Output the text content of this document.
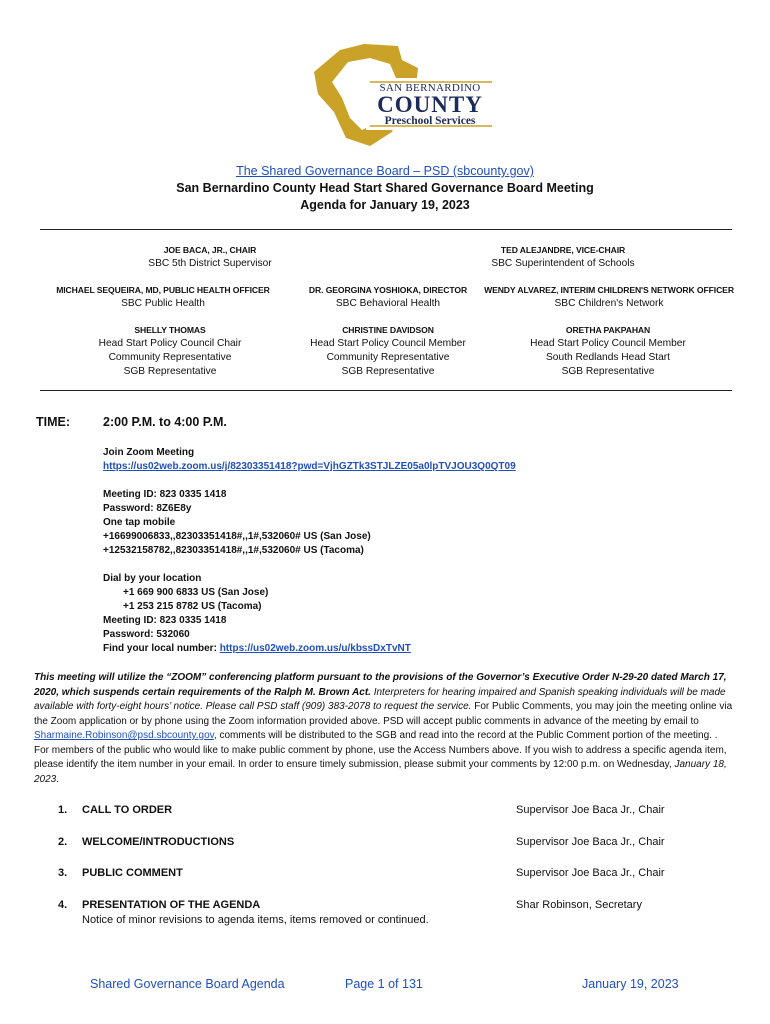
SAN BERNARDINO
COUNTY
Preschool Services
The Shared Governance Board – PSD (sbcounty.gov)
San Bernardino County Head Start Shared Governance Board Meeting
Agenda for January 19, 2023
JOE BACA, JR., CHAIR
SBC 5th District Supervisor
TED ALEJANDRE, VICE-CHAIR
SBC Superintendent of Schools
MICHAEL SEQUEIRA, MD, PUBLIC HEALTH OFFICER
SBC Public Health
DR. GEORGINA YOSHIOKA, DIRECTOR
SBC Behavioral Health
WENDY ALVAREZ, INTERIM CHILDREN'S NETWORK OFFICER
SBC Children's Network
SHELLY THOMAS
Head Start Policy Council Chair
Community Representative
SGB Representative
CHRISTINE DAVIDSON
Head Start Policy Council Member
Community Representative
SGB Representative
ORETHA PAKPAHAN
Head Start Policy Council Member
South Redlands Head Start
SGB Representative
TIME:	2:00 P.M. to 4:00 P.M.
Join Zoom Meeting
https://us02web.zoom.us/j/82303351418?pwd=VjhGZTk3STJLZE05a0lpTVJOU3Q0QT09
Meeting ID: 823 0335 1418
Password: 8Z6E8y
One tap mobile
+16699006833,,82303351418#,,1#,532060# US (San Jose)
+12532158782,,82303351418#,,1#,532060# US (Tacoma)
Dial by your location
+1 669 900 6833 US (San Jose)
+1 253 215 8782 US (Tacoma)
Meeting ID: 823 0335 1418
Password: 532060
Find your local number: https://us02web.zoom.us/u/kbssDxTvNT
This meeting will utilize the “ZOOM” conferencing platform pursuant to the provisions of the Governor’s Executive Order N-29-20 dated March 17, 2020, which suspends certain requirements of the Ralph M. Brown Act. Interpreters for hearing impaired and Spanish speaking individuals will be made available with forty-eight hours’ notice. Please call PSD staff (909) 383-2078 to request the service. For Public Comments, you may join the meeting online via the Zoom application or by phone using the Zoom information provided above. PSD will accept public comments in advance of the meeting by email to Sharmaine.Robinson@psd.sbcounty.gov, comments will be distributed to the SGB and read into the record at the Public Comment portion of the meeting. . For members of the public who would like to make public comment by phone, use the Access Numbers above. If you wish to address a specific agenda item, please identify the item number in your email. In order to ensure timely submission, please submit your comments by 12:00 p.m. on Wednesday, January 18, 2023.
1. CALL TO ORDER	Supervisor Joe Baca Jr., Chair
2. WELCOME/INTRODUCTIONS	Supervisor Joe Baca Jr., Chair
3. PUBLIC COMMENT	Supervisor Joe Baca Jr., Chair
4. PRESENTATION OF THE AGENDA	Shar Robinson, Secretary
Notice of minor revisions to agenda items, items removed or continued.
Shared Governance Board Agenda	Page 1 of 131	January 19, 2023
